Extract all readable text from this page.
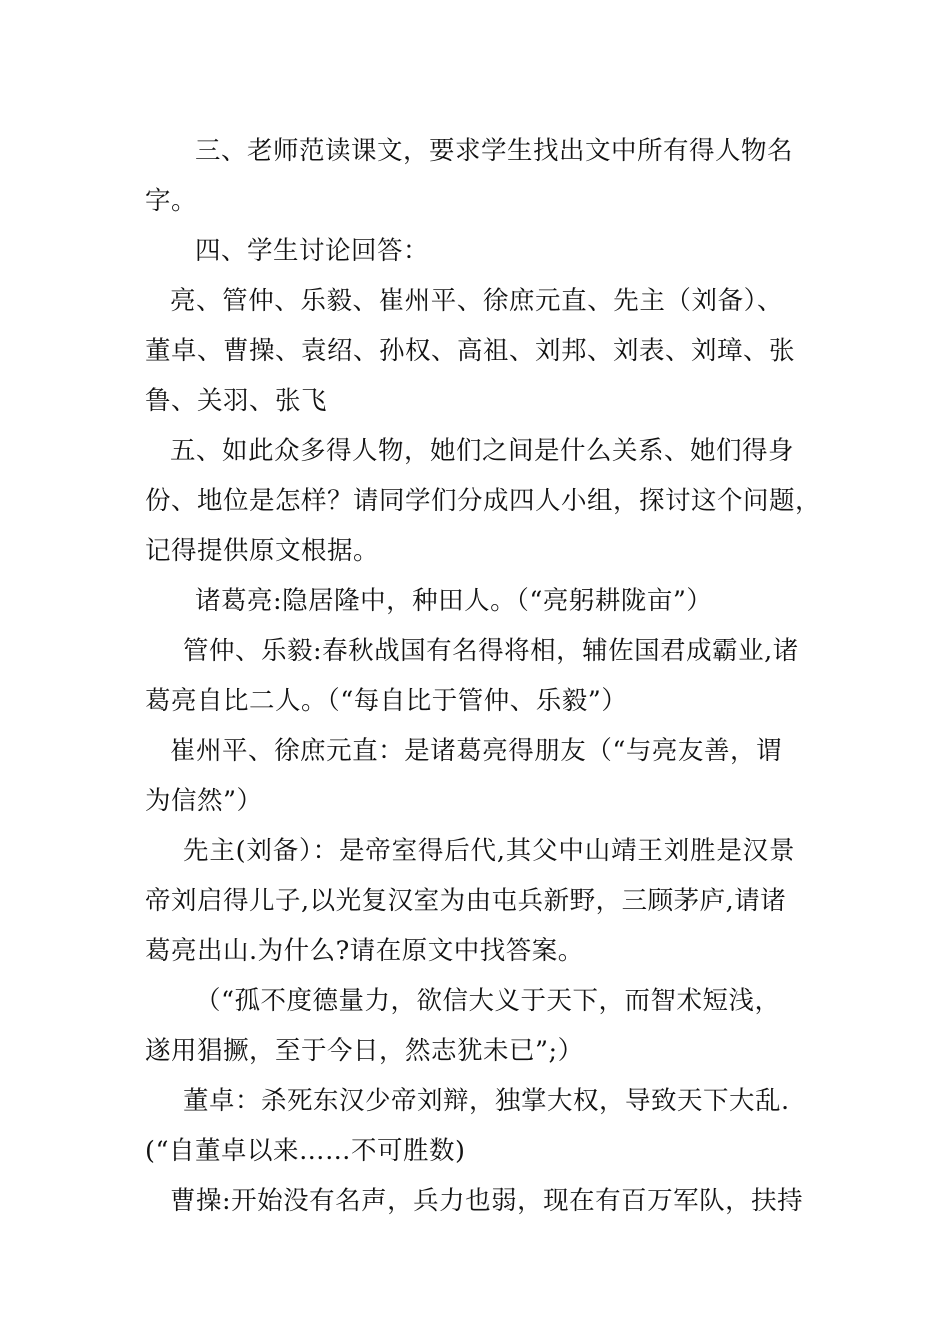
三、老师范读课文，要求学生找出文中所有得人物名
字。
四、学生讨论回答：
亮、管仲、乐毅、崔州平、徐庶元直、先主（刘备）、
董卓、曹操、袁绍、孙权、高祖、刘邦、刘表、刘璋、张
鲁、关羽、张飞
五、如此众多得人物，她们之间是什么关系、她们得身
份、地位是怎样？请同学们分成四人小组，探讨这个问题，
记得提供原文根据。
诸葛亮:隐居隆中，种田人。（“亮躬耕陇亩”）
管仲、乐毅:春秋战国有名得将相，辅佐国君成霸业,诸
葛亮自比二人。（“每自比于管仲、乐毅”）
崔州平、徐庶元直：是诸葛亮得朋友（“与亮友善，谓
为信然”）
先主(刘备）：是帝室得后代,其父中山靖王刘胜是汉景
帝刘启得儿子,以光复汉室为由屯兵新野，三顾茅庐,请诸
葛亮出山.为什么?请在原文中找答案。
（“孤不度德量力，欲信大义于天下，而智术短浅，
遂用猖撅，至于今日，然志犹未已”;）
董卓：杀死东汉少帝刘辩，独掌大权，导致天下大乱.
(“自董卓以来……不可胜数)
曹操:开始没有名声，兵力也弱，现在有百万军队，扶持
